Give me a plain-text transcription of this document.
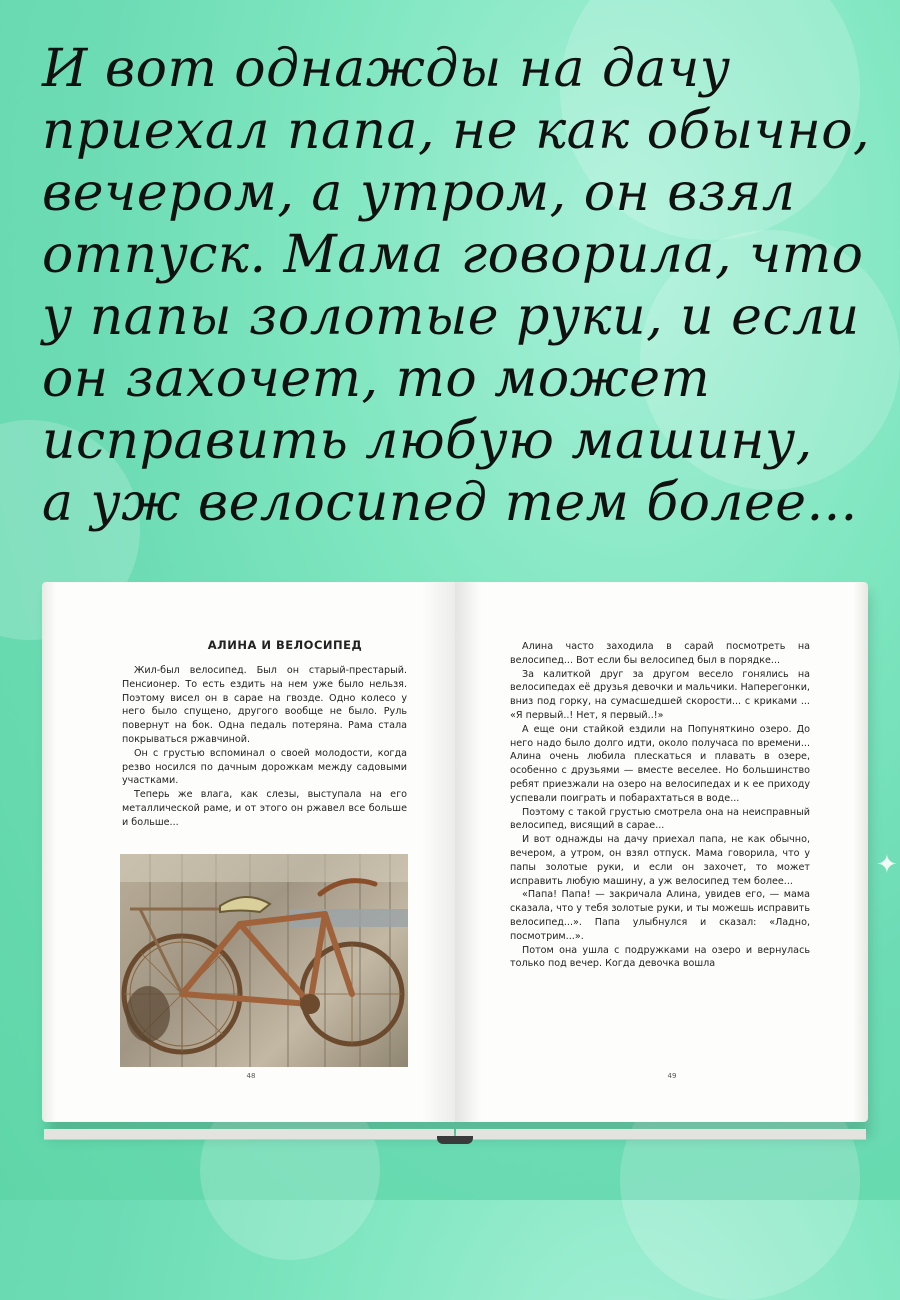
✦
И вот однажды на дачу
приехал папа, не как обычно,
вечером, а утром, он взял
отпуск. Мама говорила, что
у папы золотые руки, и если
он захочет, то может
исправить любую машину,
а уж велосипед тем более...
АЛИНА И ВЕЛОСИПЕД

Жил-был велосипед. Был он старый-престарый. Пенсионер. То есть ездить на нем уже было нельзя. Поэтому висел он в сарае на гвозде. Одно колесо у него было спущено, другого вообще не было. Руль повернут на бок. Одна педаль потеряна. Рама стала покрываться ржавчиной.

Он с грустью вспоминал о своей молодости, когда резво носился по дачным дорожкам между садовыми участками.

Теперь же влага, как слезы, выступала на его металлической раме, и от этого он ржавел все больше и больше...

48

Алина часто заходила в сарай посмотреть на велосипед... Вот если бы велосипед был в порядке...

За калиткой друг за другом весело гонялись на велосипедах её друзья девочки и мальчики. Наперегонки, вниз под горку, на сумасшедшей скорости... с криками ... «Я первый..! Нет, я первый..!»

А еще они стайкой ездили на Попуняткино озеро. До него надо было долго идти, около получаса по времени... Алина очень любила плескаться и плавать в озере, особенно с друзьями — вместе веселее. Но большинство ребят приезжали на озеро на велосипедах и к ее приходу успевали поиграть и побарахтаться в воде...

Поэтому с такой грустью смотрела она на неисправный велосипед, висящий в сарае...

И вот однажды на дачу приехал папа, не как обычно, вечером, а утром, он взял отпуск. Мама говорила, что у папы золотые руки, и если он захочет, то может исправить любую машину, а уж велосипед тем более...

«Папа! Папа! — закричала Алина, увидев его, — мама сказала, что у тебя золотые руки, и ты можешь исправить велосипед...». Папа улыбнулся и сказал: «Ладно, посмотрим...».

Потом она ушла с подружками на озеро и вернулась только под вечер. Когда девочка вошла

49
